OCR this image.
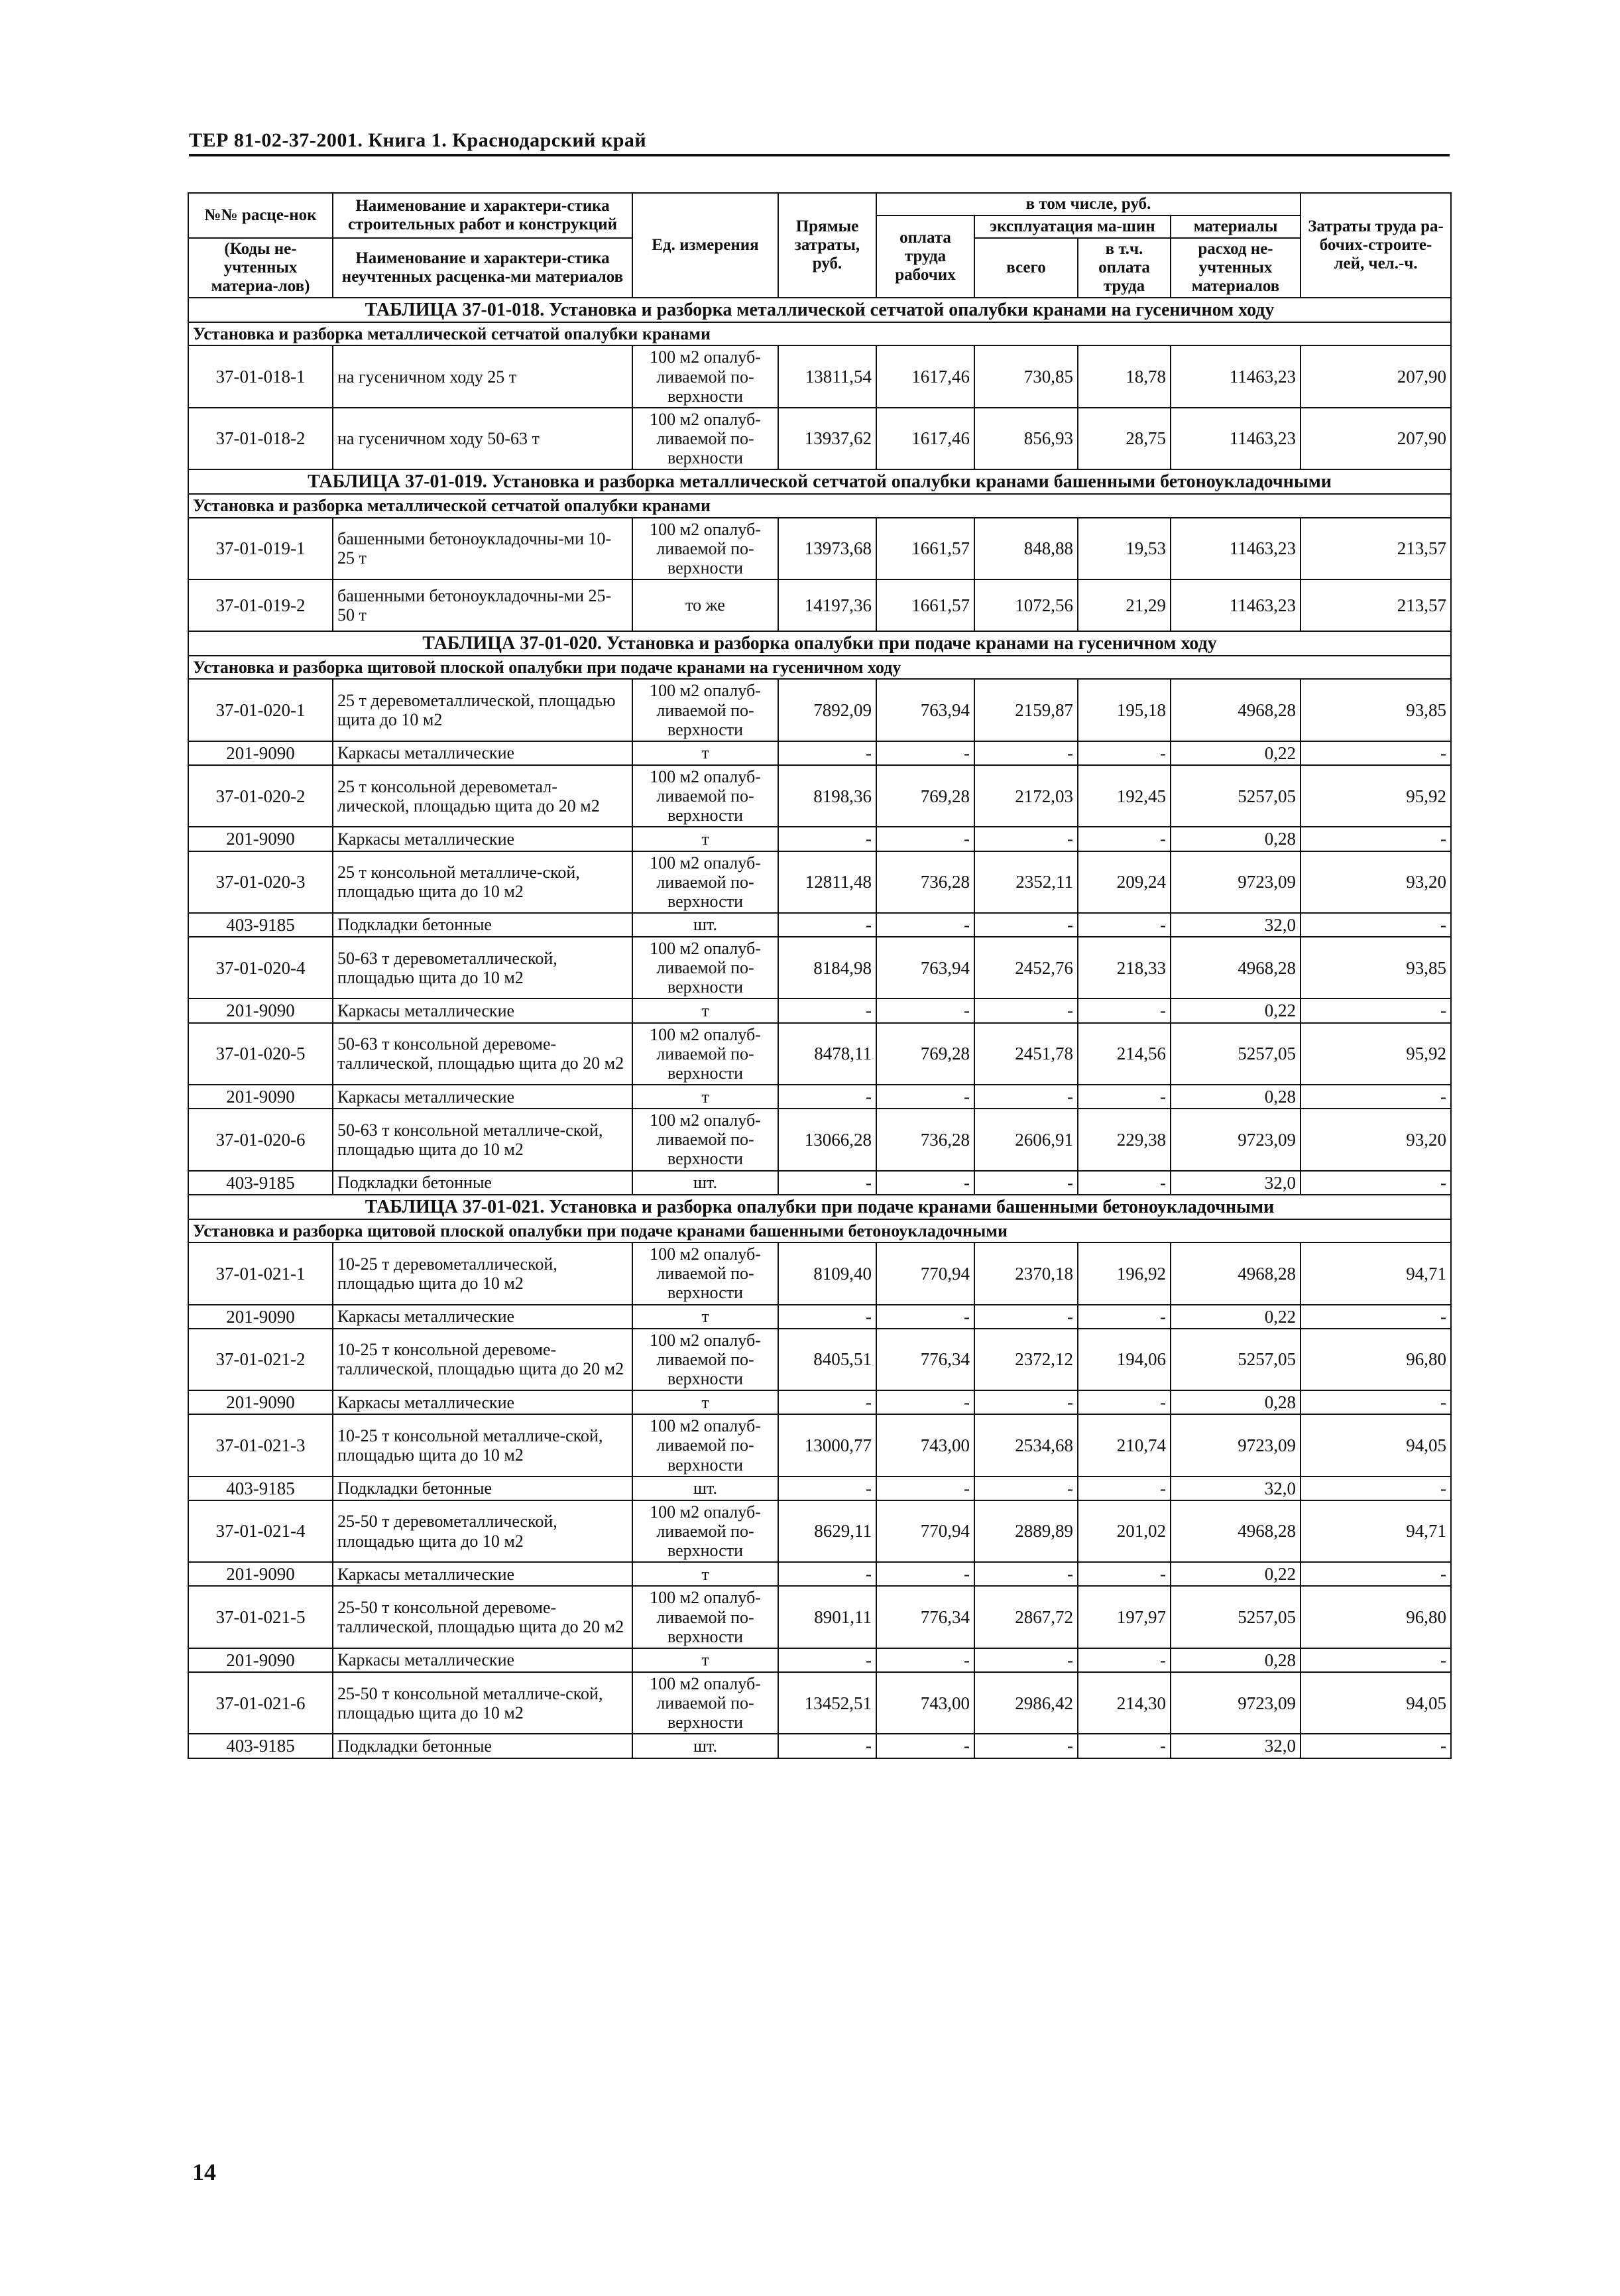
ТЕР 81-02-37-2001. Книга 1. Краснодарский край
№№ расце-нок	Наименование и характери-стика строительных работ и конструкций	Ед. измерения	Прямые затраты, руб.	в том числе, руб.				Затраты труда ра-бочих-строите-лей, чел.-ч.
				оплата труда рабочих	эксплуатация ма-шин		материалы	

(Коды не-учтенных материа-лов)	Наименование и характери-стика неучтенных расценка-ми материалов				всего	в т.ч. оплата труда	расход не-учтенных материалов	

ТАБЛИЦА 37-01-018. Установка и разборка металлической сетчатой опалубки кранами на гусеничном ходу								
Установка и разборка металлической сетчатой опалубки кранами								
37-01-018-1	на гусеничном ходу 25 т	100 м2 опалуб-ливаемой по-верхности	13811,54	1617,46	730,85	18,78	11463,23	207,90
37-01-018-2	на гусеничном ходу 50-63 т	100 м2 опалуб-ливаемой по-верхности	13937,62	1617,46	856,93	28,75	11463,23	207,90
ТАБЛИЦА 37-01-019. Установка и разборка металлической сетчатой опалубки кранами башенными бетоноукладочными								
Установка и разборка металлической сетчатой опалубки кранами								
37-01-019-1	башенными бетоноукладочны-ми 10-25 т	100 м2 опалуб-ливаемой по-верхности	13973,68	1661,57	848,88	19,53	11463,23	213,57
37-01-019-2	башенными бетоноукладочны-ми 25-50 т	то же	14197,36	1661,57	1072,56	21,29	11463,23	213,57
ТАБЛИЦА 37-01-020. Установка и разборка опалубки при подаче кранами на гусеничном ходу								
Установка и разборка щитовой плоской опалубки при подаче кранами на гусеничном ходу								
37-01-020-1	25 т деревометаллической, площадью щита до 10 м2	100 м2 опалуб-ливаемой по-верхности	7892,09	763,94	2159,87	195,18	4968,28	93,85
201-9090	Каркасы металлические	т	-	-	-	-	0,22	-
37-01-020-2	25 т консольной деревометал-лической, площадью щита до 20 м2	100 м2 опалуб-ливаемой по-верхности	8198,36	769,28	2172,03	192,45	5257,05	95,92
201-9090	Каркасы металлические	т	-	-	-	-	0,28	-
37-01-020-3	25 т консольной металличе-ской, площадью щита до 10 м2	100 м2 опалуб-ливаемой по-верхности	12811,48	736,28	2352,11	209,24	9723,09	93,20
403-9185	Подкладки бетонные	шт.	-	-	-	-	32,0	-
37-01-020-4	50-63 т деревометаллической, площадью щита до 10 м2	100 м2 опалуб-ливаемой по-верхности	8184,98	763,94	2452,76	218,33	4968,28	93,85
201-9090	Каркасы металлические	т	-	-	-	-	0,22	-
37-01-020-5	50-63 т консольной деревоме-таллической, площадью щита до 20 м2	100 м2 опалуб-ливаемой по-верхности	8478,11	769,28	2451,78	214,56	5257,05	95,92
201-9090	Каркасы металлические	т	-	-	-	-	0,28	-
37-01-020-6	50-63 т консольной металличе-ской, площадью щита до 10 м2	100 м2 опалуб-ливаемой по-верхности	13066,28	736,28	2606,91	229,38	9723,09	93,20
403-9185	Подкладки бетонные	шт.	-	-	-	-	32,0	-
ТАБЛИЦА 37-01-021. Установка и разборка опалубки при подаче кранами башенными бетоноукладочными								
Установка и разборка щитовой плоской опалубки при подаче кранами башенными бетоноукладочными								
37-01-021-1	10-25 т деревометаллической, площадью щита до 10 м2	100 м2 опалуб-ливаемой по-верхности	8109,40	770,94	2370,18	196,92	4968,28	94,71
201-9090	Каркасы металлические	т	-	-	-	-	0,22	-
37-01-021-2	10-25 т консольной деревоме-таллической, площадью щита до 20 м2	100 м2 опалуб-ливаемой по-верхности	8405,51	776,34	2372,12	194,06	5257,05	96,80
201-9090	Каркасы металлические	т	-	-	-	-	0,28	-
37-01-021-3	10-25 т консольной металличе-ской, площадью щита до 10 м2	100 м2 опалуб-ливаемой по-верхности	13000,77	743,00	2534,68	210,74	9723,09	94,05
403-9185	Подкладки бетонные	шт.	-	-	-	-	32,0	-
37-01-021-4	25-50 т деревометаллической, площадью щита до 10 м2	100 м2 опалуб-ливаемой по-верхности	8629,11	770,94	2889,89	201,02	4968,28	94,71
201-9090	Каркасы металлические	т	-	-	-	-	0,22	-
37-01-021-5	25-50 т консольной деревоме-таллической, площадью щита до 20 м2	100 м2 опалуб-ливаемой по-верхности	8901,11	776,34	2867,72	197,97	5257,05	96,80
201-9090	Каркасы металлические	т	-	-	-	-	0,28	-
37-01-021-6	25-50 т консольной металличе-ской, площадью щита до 10 м2	100 м2 опалуб-ливаемой по-верхности	13452,51	743,00	2986,42	214,30	9723,09	94,05
403-9185	Подкладки бетонные	шт.	-	-	-	-	32,0	-
14
